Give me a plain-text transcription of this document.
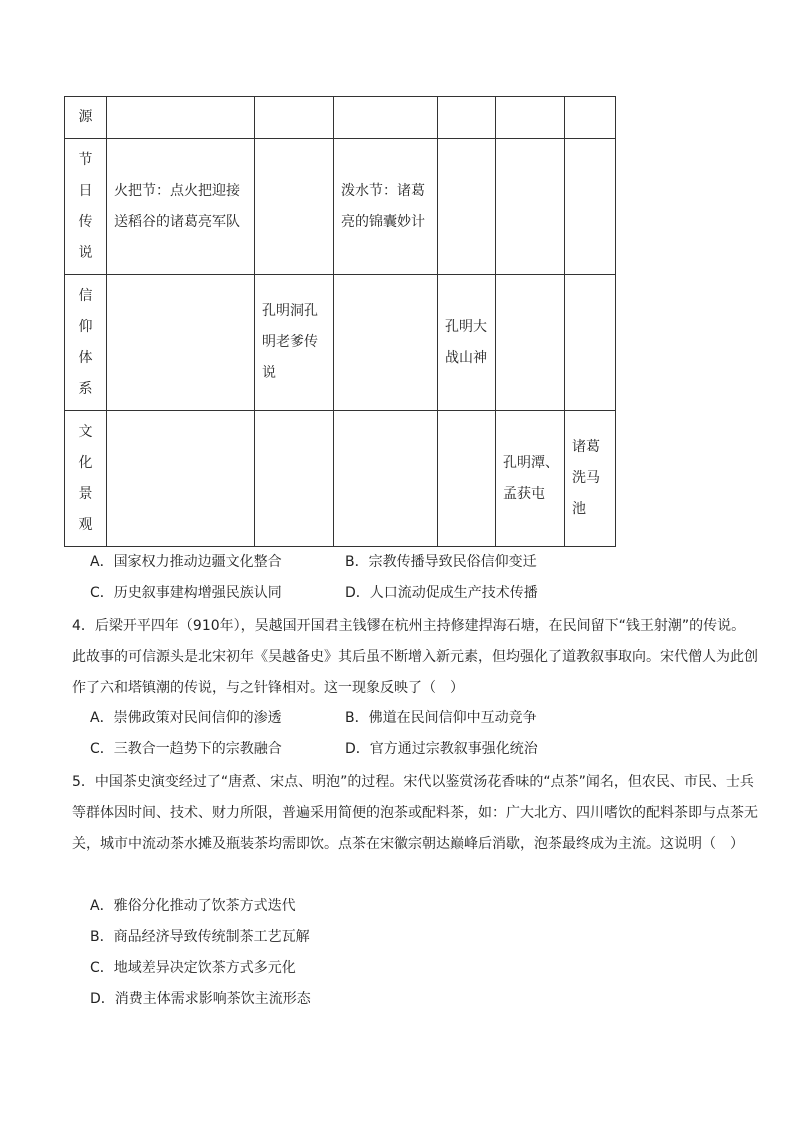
源						

节
日
传
说	火把节：点火把迎接送稻谷的诸葛亮军队		泼水节：诸葛亮的锦囊妙计			

信
仰
体
系		孔明洞孔明老爹传说		孔明大战山神		

文
化
景
观					孔明潭、孟获屯	诸葛洗马池
A．国家权力推动边疆文化整合	B．宗教传播导致民俗信仰变迁
C．历史叙事建构增强民族认同	D．人口流动促成生产技术传播
4．后梁开平四年（910年），吴越国开国君主钱镠在杭州主持修建捍海石塘，在民间留下“钱王射潮”的传说。此故事的可信源头是北宋初年《吴越备史》其后虽不断增入新元素，但均强化了道教叙事取向。宋代僧人为此创作了六和塔镇潮的传说，与之针锋相对。这一现象反映了（　）
A．崇佛政策对民间信仰的渗透	B．佛道在民间信仰中互动竞争
C．三教合一趋势下的宗教融合	D．官方通过宗教叙事强化统治
5．中国茶史演变经过了“唐煮、宋点、明泡”的过程。宋代以鉴赏汤花香味的“点茶”闻名，但农民、市民、士兵等群体因时间、技术、财力所限，普遍采用简便的泡茶或配料茶，如：广大北方、四川嗜饮的配料茶即与点茶无关，城市中流动茶水摊及瓶装茶均需即饮。点茶在宋徽宗朝达巅峰后消歇，泡茶最终成为主流。这说明（　）
A．雅俗分化推动了饮茶方式迭代
B．商品经济导致传统制茶工艺瓦解
C．地域差异决定饮茶方式多元化
D．消费主体需求影响茶饮主流形态
